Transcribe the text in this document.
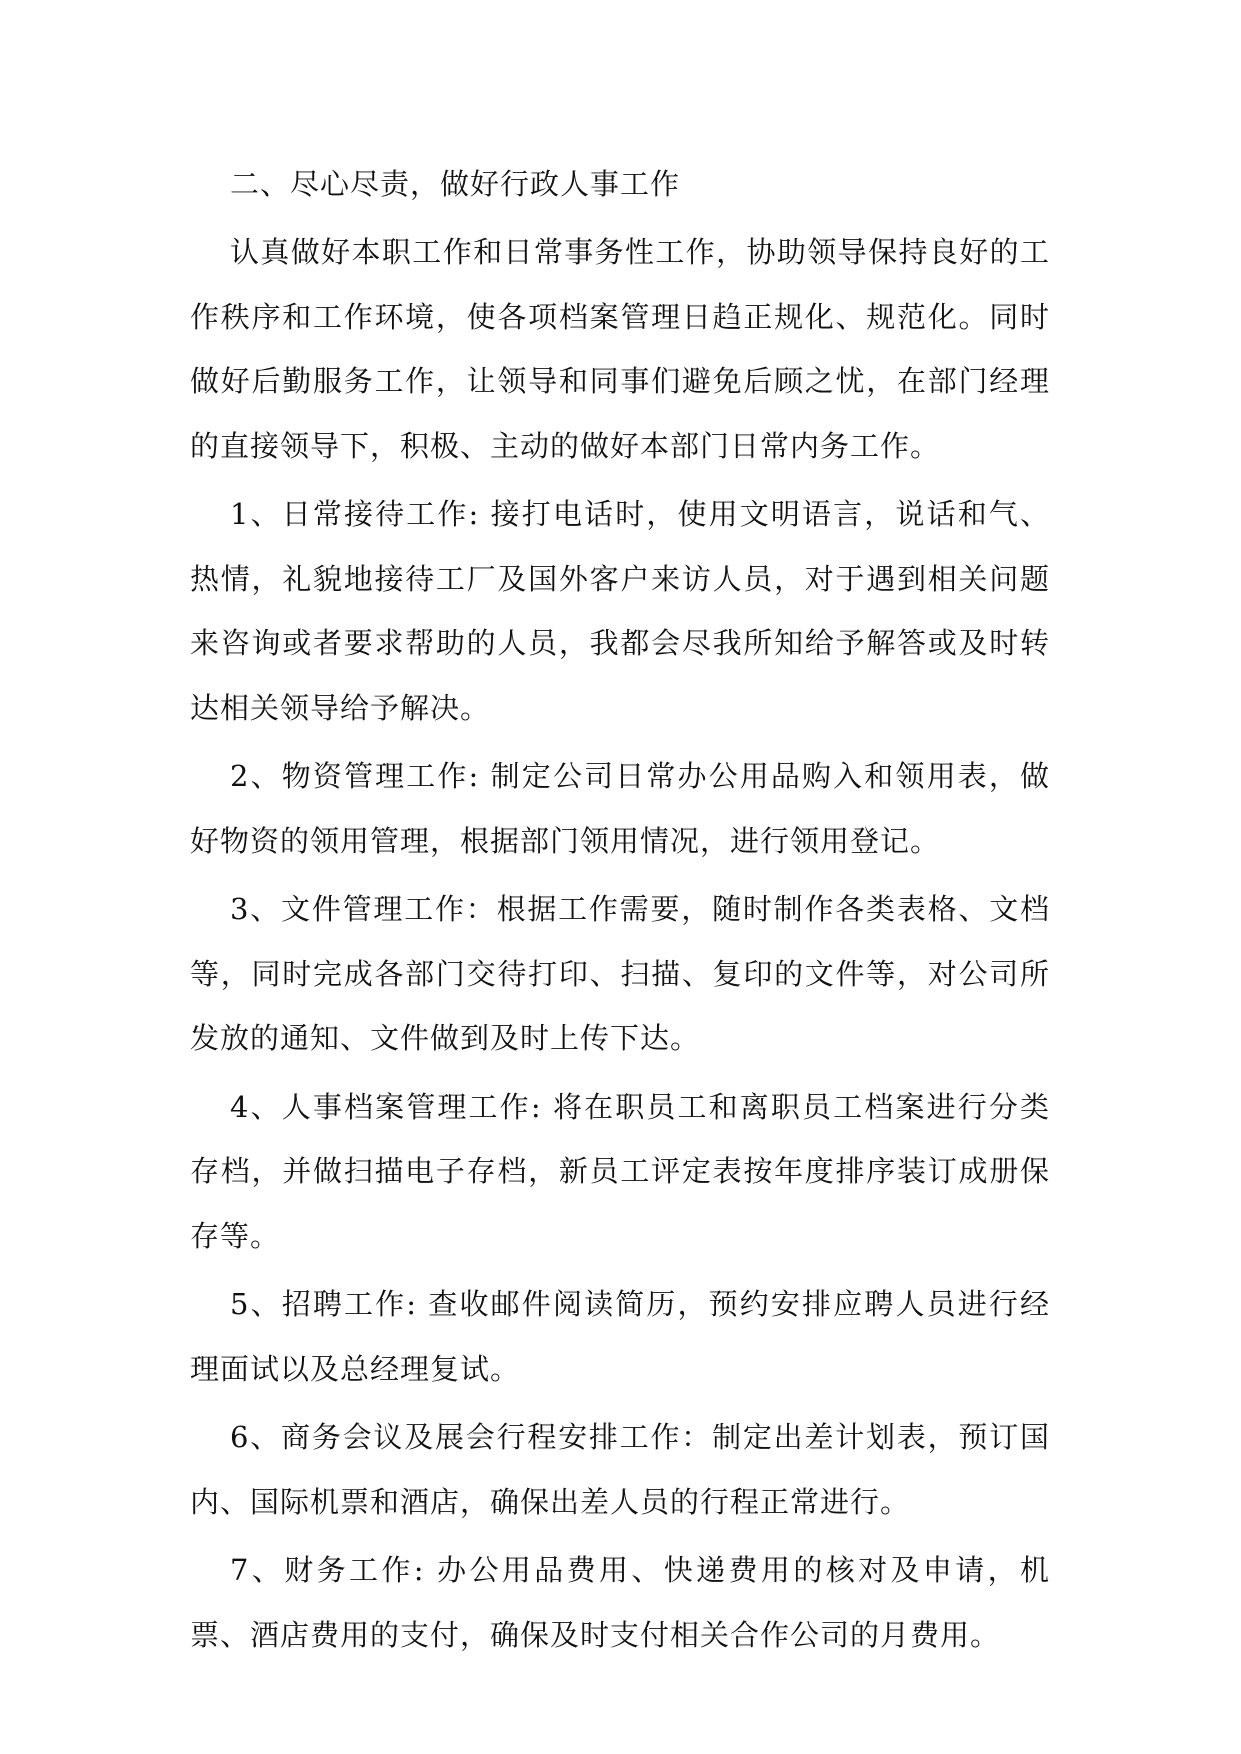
二、尽心尽责，做好行政人事工作

认真做好本职工作和日常事务性工作，协助领导保持良好的工作秩序和工作环境，使各项档案管理日趋正规化、规范化。同时做好后勤服务工作，让领导和同事们避免后顾之忧，在部门经理的直接领导下，积极、主动的做好本部门日常内务工作。

1、日常接待工作: 接打电话时，使用文明语言，说话和气、热情，礼貌地接待工厂及国外客户来访人员，对于遇到相关问题来咨询或者要求帮助的人员，我都会尽我所知给予解答或及时转达相关领导给予解决。

2、物资管理工作: 制定公司日常办公用品购入和领用表，做好物资的领用管理，根据部门领用情况，进行领用登记。

3、文件管理工作：根据工作需要，随时制作各类表格、文档等，同时完成各部门交待打印、扫描、复印的文件等，对公司所发放的通知、文件做到及时上传下达。

4、人事档案管理工作: 将在职员工和离职员工档案进行分类存档，并做扫描电子存档，新员工评定表按年度排序装订成册保存等。

5、招聘工作: 查收邮件阅读简历，预约安排应聘人员进行经理面试以及总经理复试。

6、商务会议及展会行程安排工作：制定出差计划表，预订国内、国际机票和酒店，确保出差人员的行程正常进行。

7、财务工作: 办公用品费用、快递费用的核对及申请，机票、酒店费用的支付，确保及时支付相关合作公司的月费用。
